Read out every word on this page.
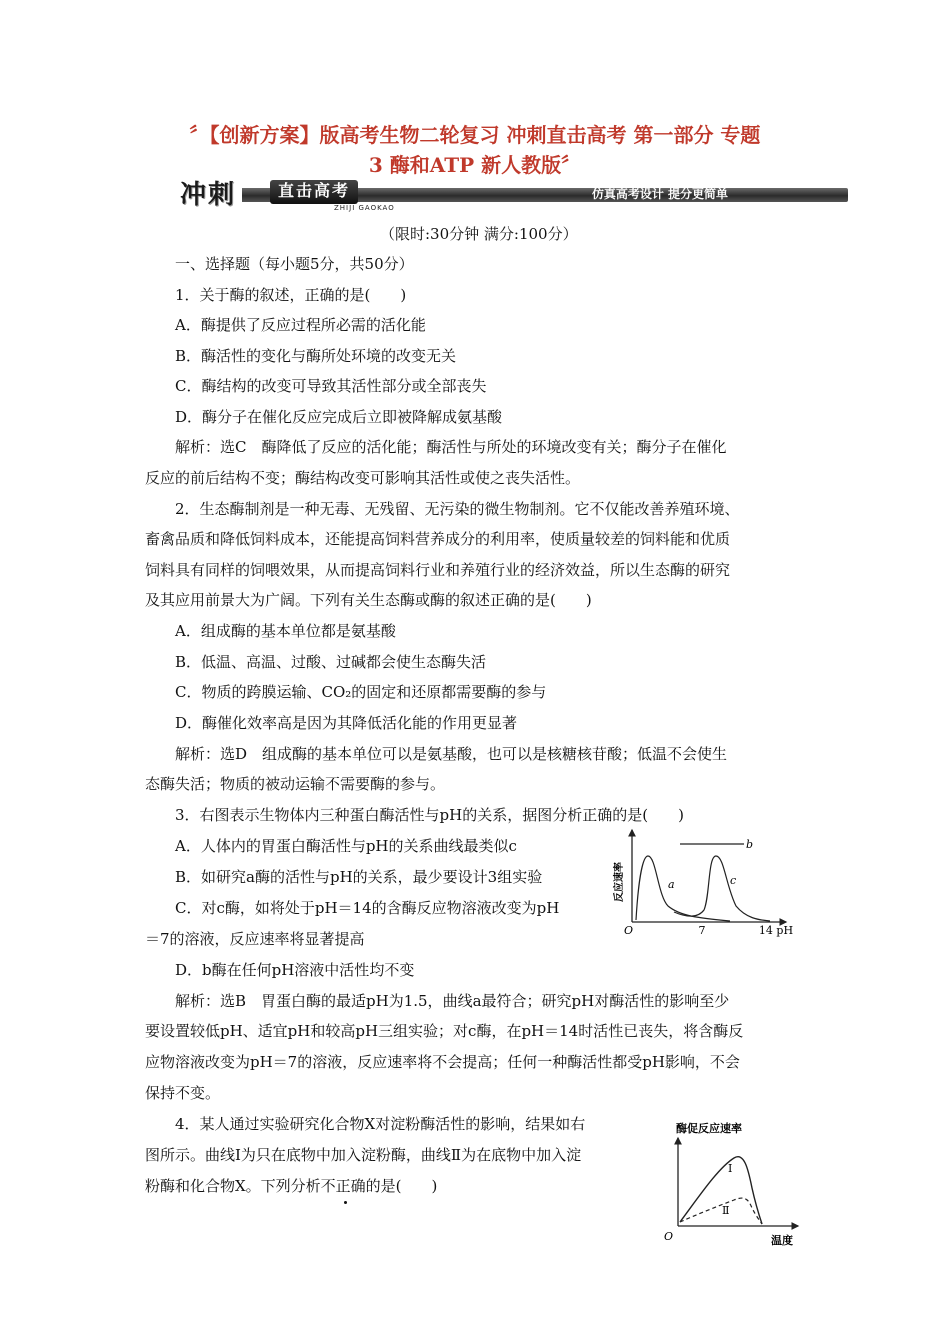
〞【创新方案】版高考生物二轮复习 冲刺直击高考 第一部分 专题
3 酶和ATP 新人教版〞
冲刺	直击高考
ZHIJI GAOKAO
仿真高考设计 提分更简单
（限时:30分钟 满分:100分）
一、选择题（每小题5分，共50分）
1．关于酶的叙述，正确的是(　　)
A．酶提供了反应过程所必需的活化能
B．酶活性的变化与酶所处环境的改变无关
C．酶结构的改变可导致其活性部分或全部丧失
D．酶分子在催化反应完成后立即被降解成氨基酸
解析：选C　酶降低了反应的活化能；酶活性与所处的环境改变有关；酶分子在催化
反应的前后结构不变；酶结构改变可影响其活性或使之丧失活性。
2．生态酶制剂是一种无毒、无残留、无污染的微生物制剂。它不仅能改善养殖环境、
畜禽品质和降低饲料成本，还能提高饲料营养成分的利用率，使质量较差的饲料能和优质
饲料具有同样的饲喂效果，从而提高饲料行业和养殖行业的经济效益，所以生态酶的研究
及其应用前景大为广阔。下列有关生态酶或酶的叙述正确的是(　　)
A．组成酶的基本单位都是氨基酸
B．低温、高温、过酸、过碱都会使生态酶失活
C．物质的跨膜运输、CO₂的固定和还原都需要酶的参与
D．酶催化效率高是因为其降低活化能的作用更显著
解析：选D　组成酶的基本单位可以是氨基酸，也可以是核糖核苷酸；低温不会使生
态酶失活；物质的被动运输不需要酶的参与。
3．右图表示生物体内三种蛋白酶活性与pH的关系，据图分析正确的是(　　)
A．人体内的胃蛋白酶活性与pH的关系曲线最类似c
B．如研究a酶的活性与pH的关系，最少要设计3组实验
C．对c酶，如将处于pH＝14的含酶反应物溶液改变为pH
＝7的溶液，反应速率将显著提高
D．b酶在任何pH溶液中活性均不变
解析：选B　胃蛋白酶的最适pH为1.5，曲线a最符合；研究pH对酶活性的影响至少
要设置较低pH、适宜pH和较高pH三组实验；对c酶，在pH＝14时活性已丧失，将含酶反
应物溶液改变为pH＝7的溶液，反应速率将不会提高；任何一种酶活性都受pH影响，不会
保持不变。
反应速率
O	7	14 pH
a
b
c
4．某人通过实验研究化合物X对淀粉酶活性的影响，结果如右
图所示。曲线Ⅰ为只在底物中加入淀粉酶，曲线Ⅱ为在底物中加入淀
粉酶和化合物X。下列分析不正确的是(　　)
酶促反应速率
O	温度
Ⅰ
Ⅱ
